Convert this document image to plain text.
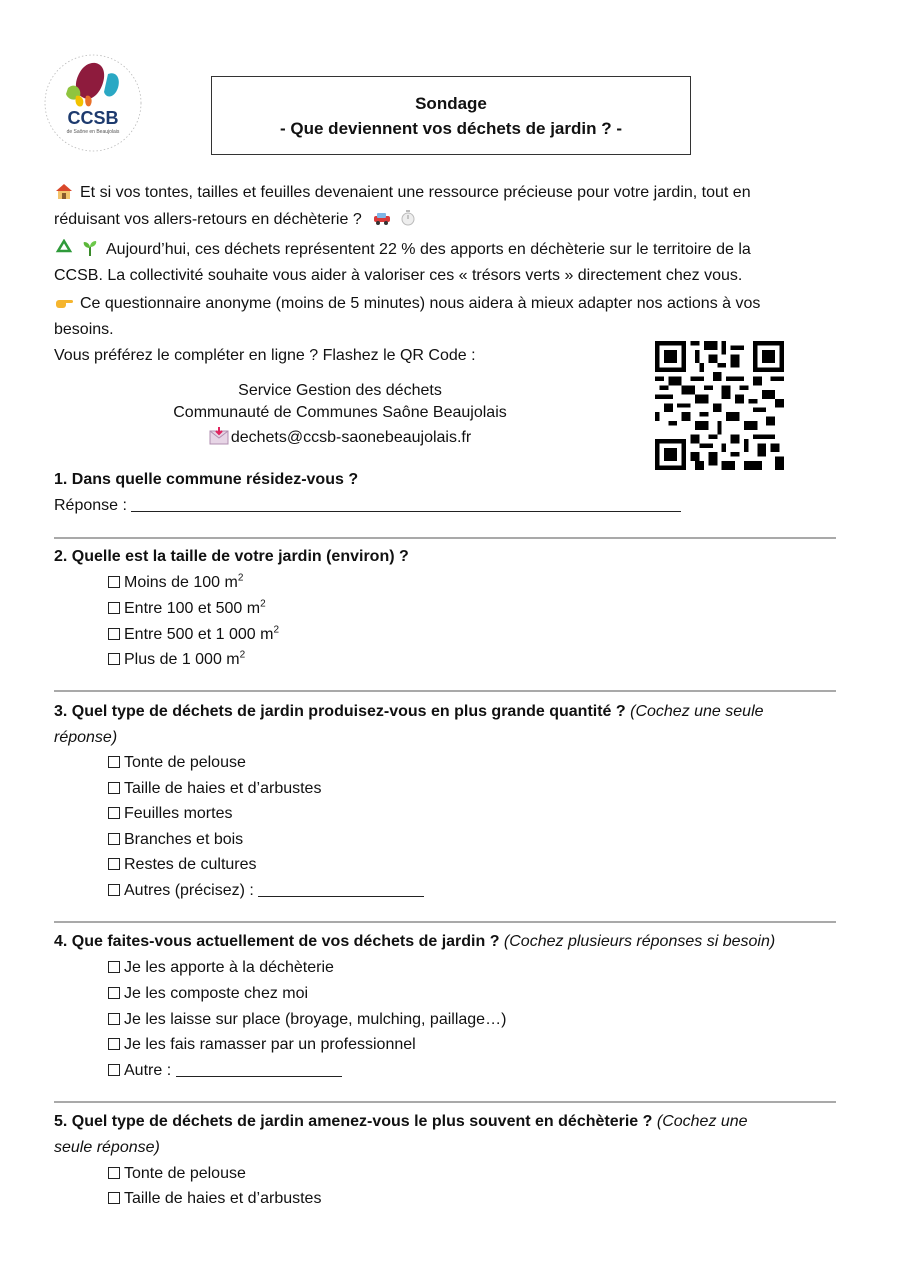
CCSB
de Saône en Beaujolais
Sondage
- Que deviennent vos déchets de jardin ? -
Et si vos tontes, tailles et feuilles devenaient une ressource précieuse pour votre jardin, tout en
réduisant vos allers-retours en déchèterie ?
Aujourd’hui, ces déchets représentent 22 % des apports en déchèterie sur le territoire de la
CCSB. La collectivité souhaite vous aider à valoriser ces « trésors verts » directement chez vous.
Ce questionnaire anonyme (moins de 5 minutes) nous aidera à mieux adapter nos actions à vos
besoins.
Vous préférez le compléter en ligne ? Flashez le QR Code :
Service Gestion des déchets
Communauté de Communes Saône Beaujolais
dechets@ccsb-saonebeaujolais.fr
1. Dans quelle commune résidez-vous ?
Réponse :
2. Quelle est la taille de votre jardin (environ) ?
Moins de 100 $m^2$
Entre 100 et 500 $m^2$
Entre 500 et 1 000 $m^2$
Plus de 1 000 $m^2$
3. Quel type de déchets de jardin produisez-vous en plus grande quantité ? (Cochez une seule
réponse)
Tonte de pelouse
Taille de haies et d’arbustes
Feuilles mortes
Branches et bois
Restes de cultures
Autres (précisez) :
4. Que faites-vous actuellement de vos déchets de jardin ? (Cochez plusieurs réponses si besoin)
Je les apporte à la déchèterie
Je les composte chez moi
Je les laisse sur place (broyage, mulching, paillage…)
Je les fais ramasser par un professionnel
Autre :
5. Quel type de déchets de jardin amenez-vous le plus souvent en déchèterie ? (Cochez une
seule réponse)
Tonte de pelouse
Taille de haies et d’arbustes
